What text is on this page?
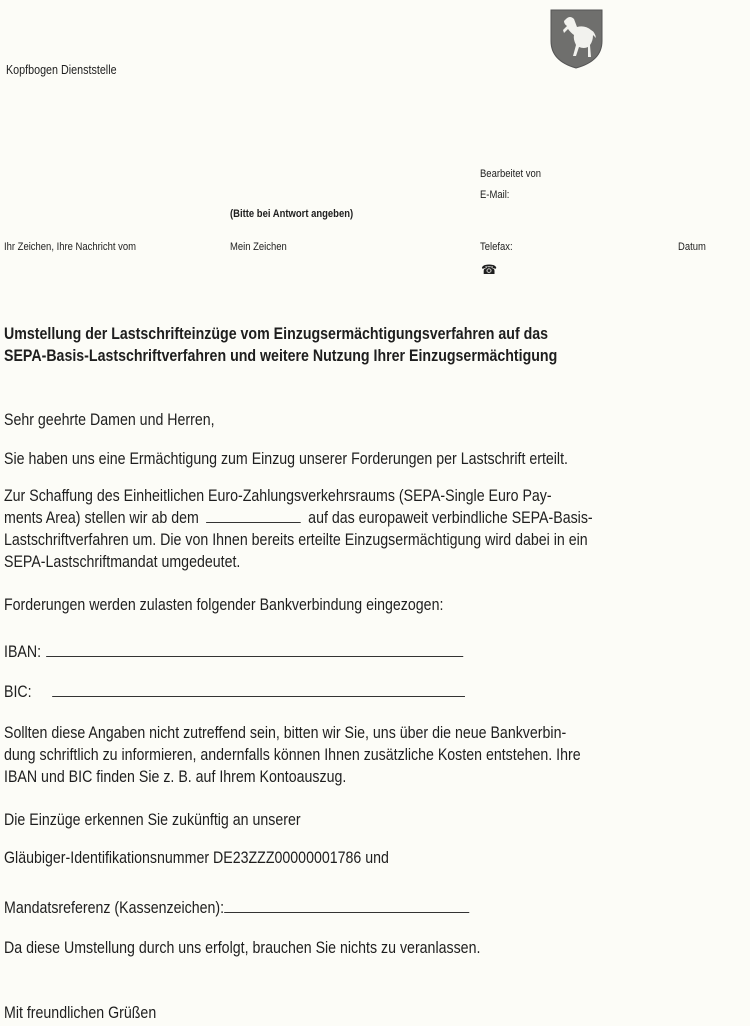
Kopfbogen Dienststelle
Bearbeitet von
E-Mail:
(Bitte bei Antwort angeben)
Ihr Zeichen, Ihre Nachricht vom	Mein Zeichen	Telefax:	Datum
☎
Umstellung der Lastschrifteinzüge vom Einzugsermächtigungsverfahren auf das
SEPA-Basis-Lastschriftverfahren und weitere Nutzung Ihrer Einzugsermächtigung
Sehr geehrte Damen und Herren,
Sie haben uns eine Ermächtigung zum Einzug unserer Forderungen per Lastschrift erteilt.
Zur Schaffung des Einheitlichen Euro-Zahlungsverkehrsraums (SEPA-Single Euro Pay-
ments Area) stellen wir ab dem	auf das europaweit verbindliche SEPA-Basis-
Lastschriftverfahren um. Die von Ihnen bereits erteilte Einzugsermächtigung wird dabei in ein
SEPA-Lastschriftmandat umgedeutet.
Forderungen werden zulasten folgender Bankverbindung eingezogen:
IBAN:
BIC:
Sollten diese Angaben nicht zutreffend sein, bitten wir Sie, uns über die neue Bankverbin-
dung schriftlich zu informieren, andernfalls können Ihnen zusätzliche Kosten entstehen. Ihre
IBAN und BIC finden Sie z. B. auf Ihrem Kontoauszug.
Die Einzüge erkennen Sie zukünftig an unserer
Gläubiger-Identifikationsnummer DE23ZZZ00000001786 und
Mandatsreferenz (Kassenzeichen):
Da diese Umstellung durch uns erfolgt, brauchen Sie nichts zu veranlassen.
Mit freundlichen Grüßen
